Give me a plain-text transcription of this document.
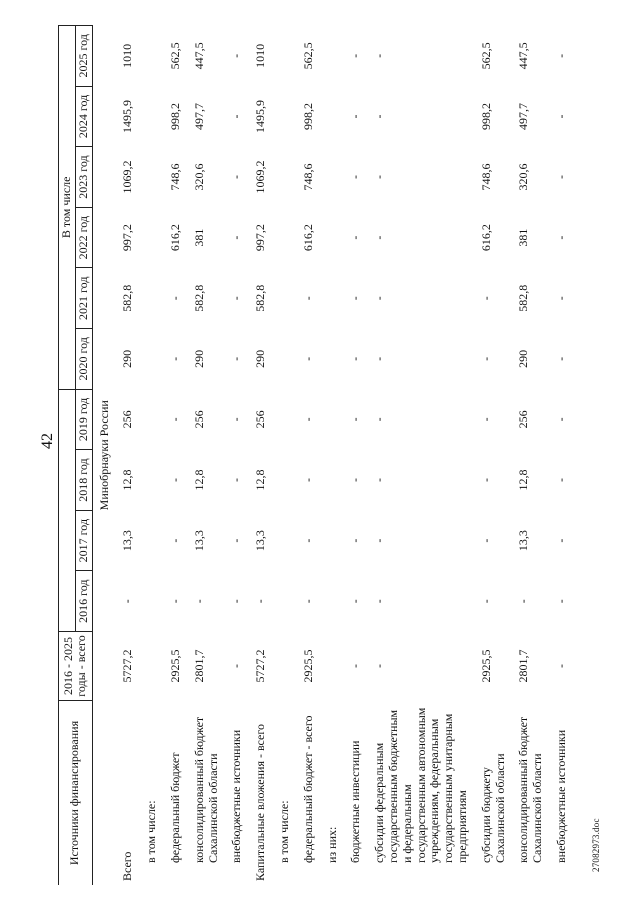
42
Источники финансирования	2016 - 2025 годы - всего					В том числе					
		2016 год	2017 год	2018 год	2019 год	2020 год	2021 год	2022 год	2023 год	2024 год	2025 год
Минобрнауки России											
Всего	5727,2	-	13,3	12,8	256	290	582,8	997,2	1069,2	1495,9	1010
в том числе:											
федеральный бюджет	2925,5	-	-	-	-	-	-	616,2	748,6	998,2	562,5
консолидированный бюджет Сахалинской области	2801,7	-	13,3	12,8	256	290	582,8	381	320,6	497,7	447,5
внебюджетные источники	-	-	-	-	-	-	-	-	-	-	-
Капитальные вложения - всего	5727,2	-	13,3	12,8	256	290	582,8	997,2	1069,2	1495,9	1010
в том числе:											
федеральный бюджет - всего	2925,5	-	-	-	-	-	-	616,2	748,6	998,2	562,5
из них:											
бюджетные инвестиции	-	-	-	-	-	-	-	-	-	-	-
субсидии федеральным государственным бюджетным и федеральным государственным автономным учреждениям, федеральным государственным унитарным предприятиям	-	-	-	-	-	-	-	-	-	-	-
субсидии бюджету Сахалинской области	2925,5	-	-	-	-	-	-	616,2	748,6	998,2	562,5
консолидированный бюджет Сахалинской области	2801,7	-	13,3	12,8	256	290	582,8	381	320,6	497,7	447,5
внебюджетные источники	-	-	-	-	-	-	-	-	-	-	-
27082973.doc
